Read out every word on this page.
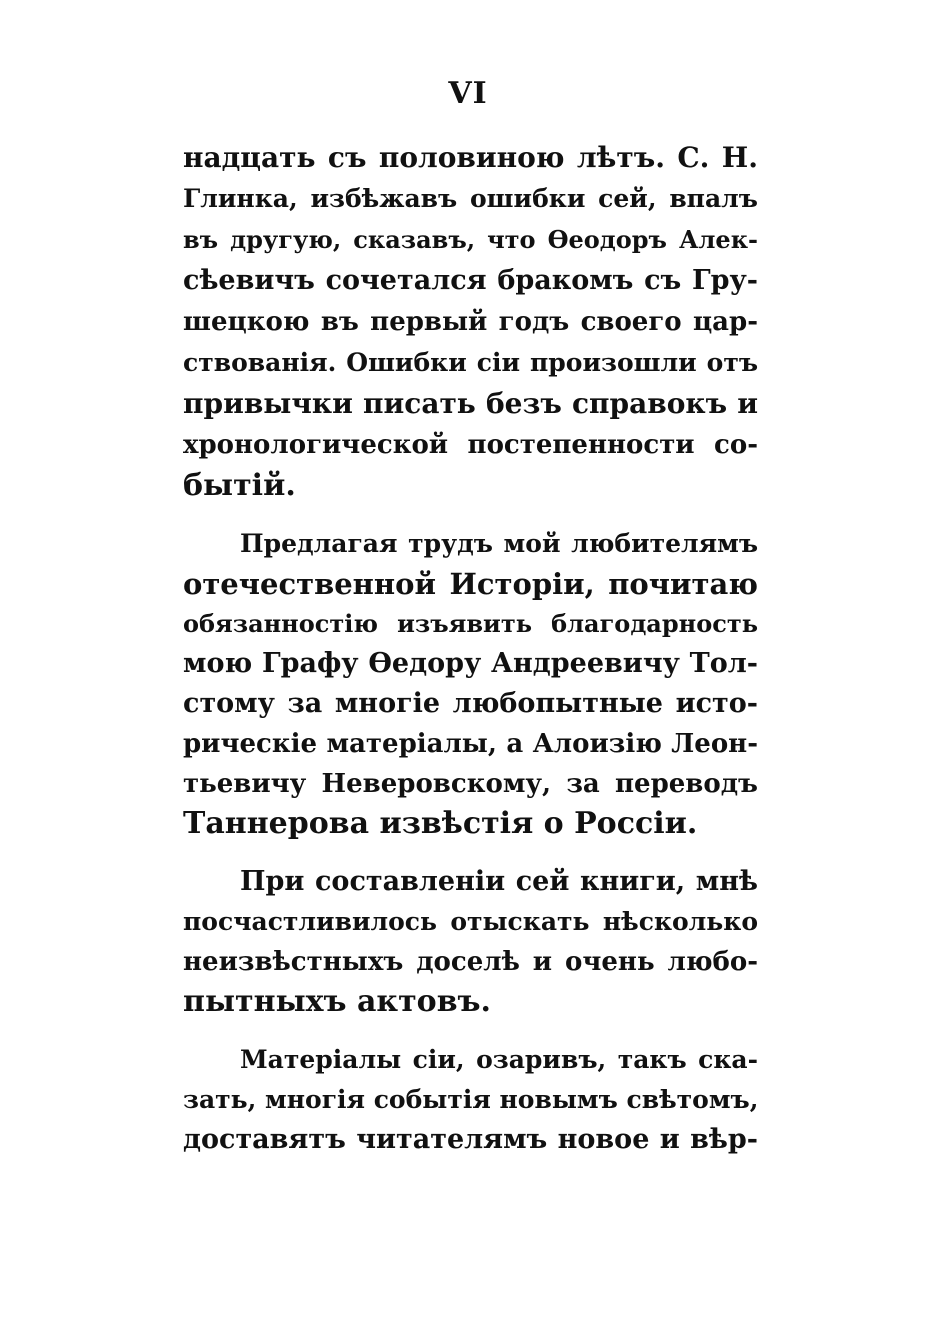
VI
надцать съ половиною лѣтъ. С. Н.
Глинка, избѣжавъ ошибки сей, впалъ
въ другую, сказавъ, что Ѳеодоръ Алек-
сѣевичъ сочетался бракомъ съ Гру-
шецкою въ первый годъ своего цар-
ствованія. Ошибки сіи произошли отъ
привычки писать безъ справокъ и
хронологической постепенности со-
бытій.
Предлагая трудъ мой любителямъ
отечественной Исторіи, почитаю
обязанностію изъявить благодарность
мою Графу Ѳедору Андреевичу Тол-
стому за многіе любопытные исто-
рическіе матеріалы, а Алоизію Леон-
тьевичу Неверовскому, за переводъ
Таннерова извѣстія о Россіи.
При составленіи сей книги, мнѣ
посчастливилось отыскать нѣсколько
неизвѣстныхъ доселѣ и очень любо-
пытныхъ актовъ.
Матеріалы сіи, озаривъ, такъ ска-
зать, многія событія новымъ свѣтомъ,
доставятъ читателямъ новое и вѣр-
